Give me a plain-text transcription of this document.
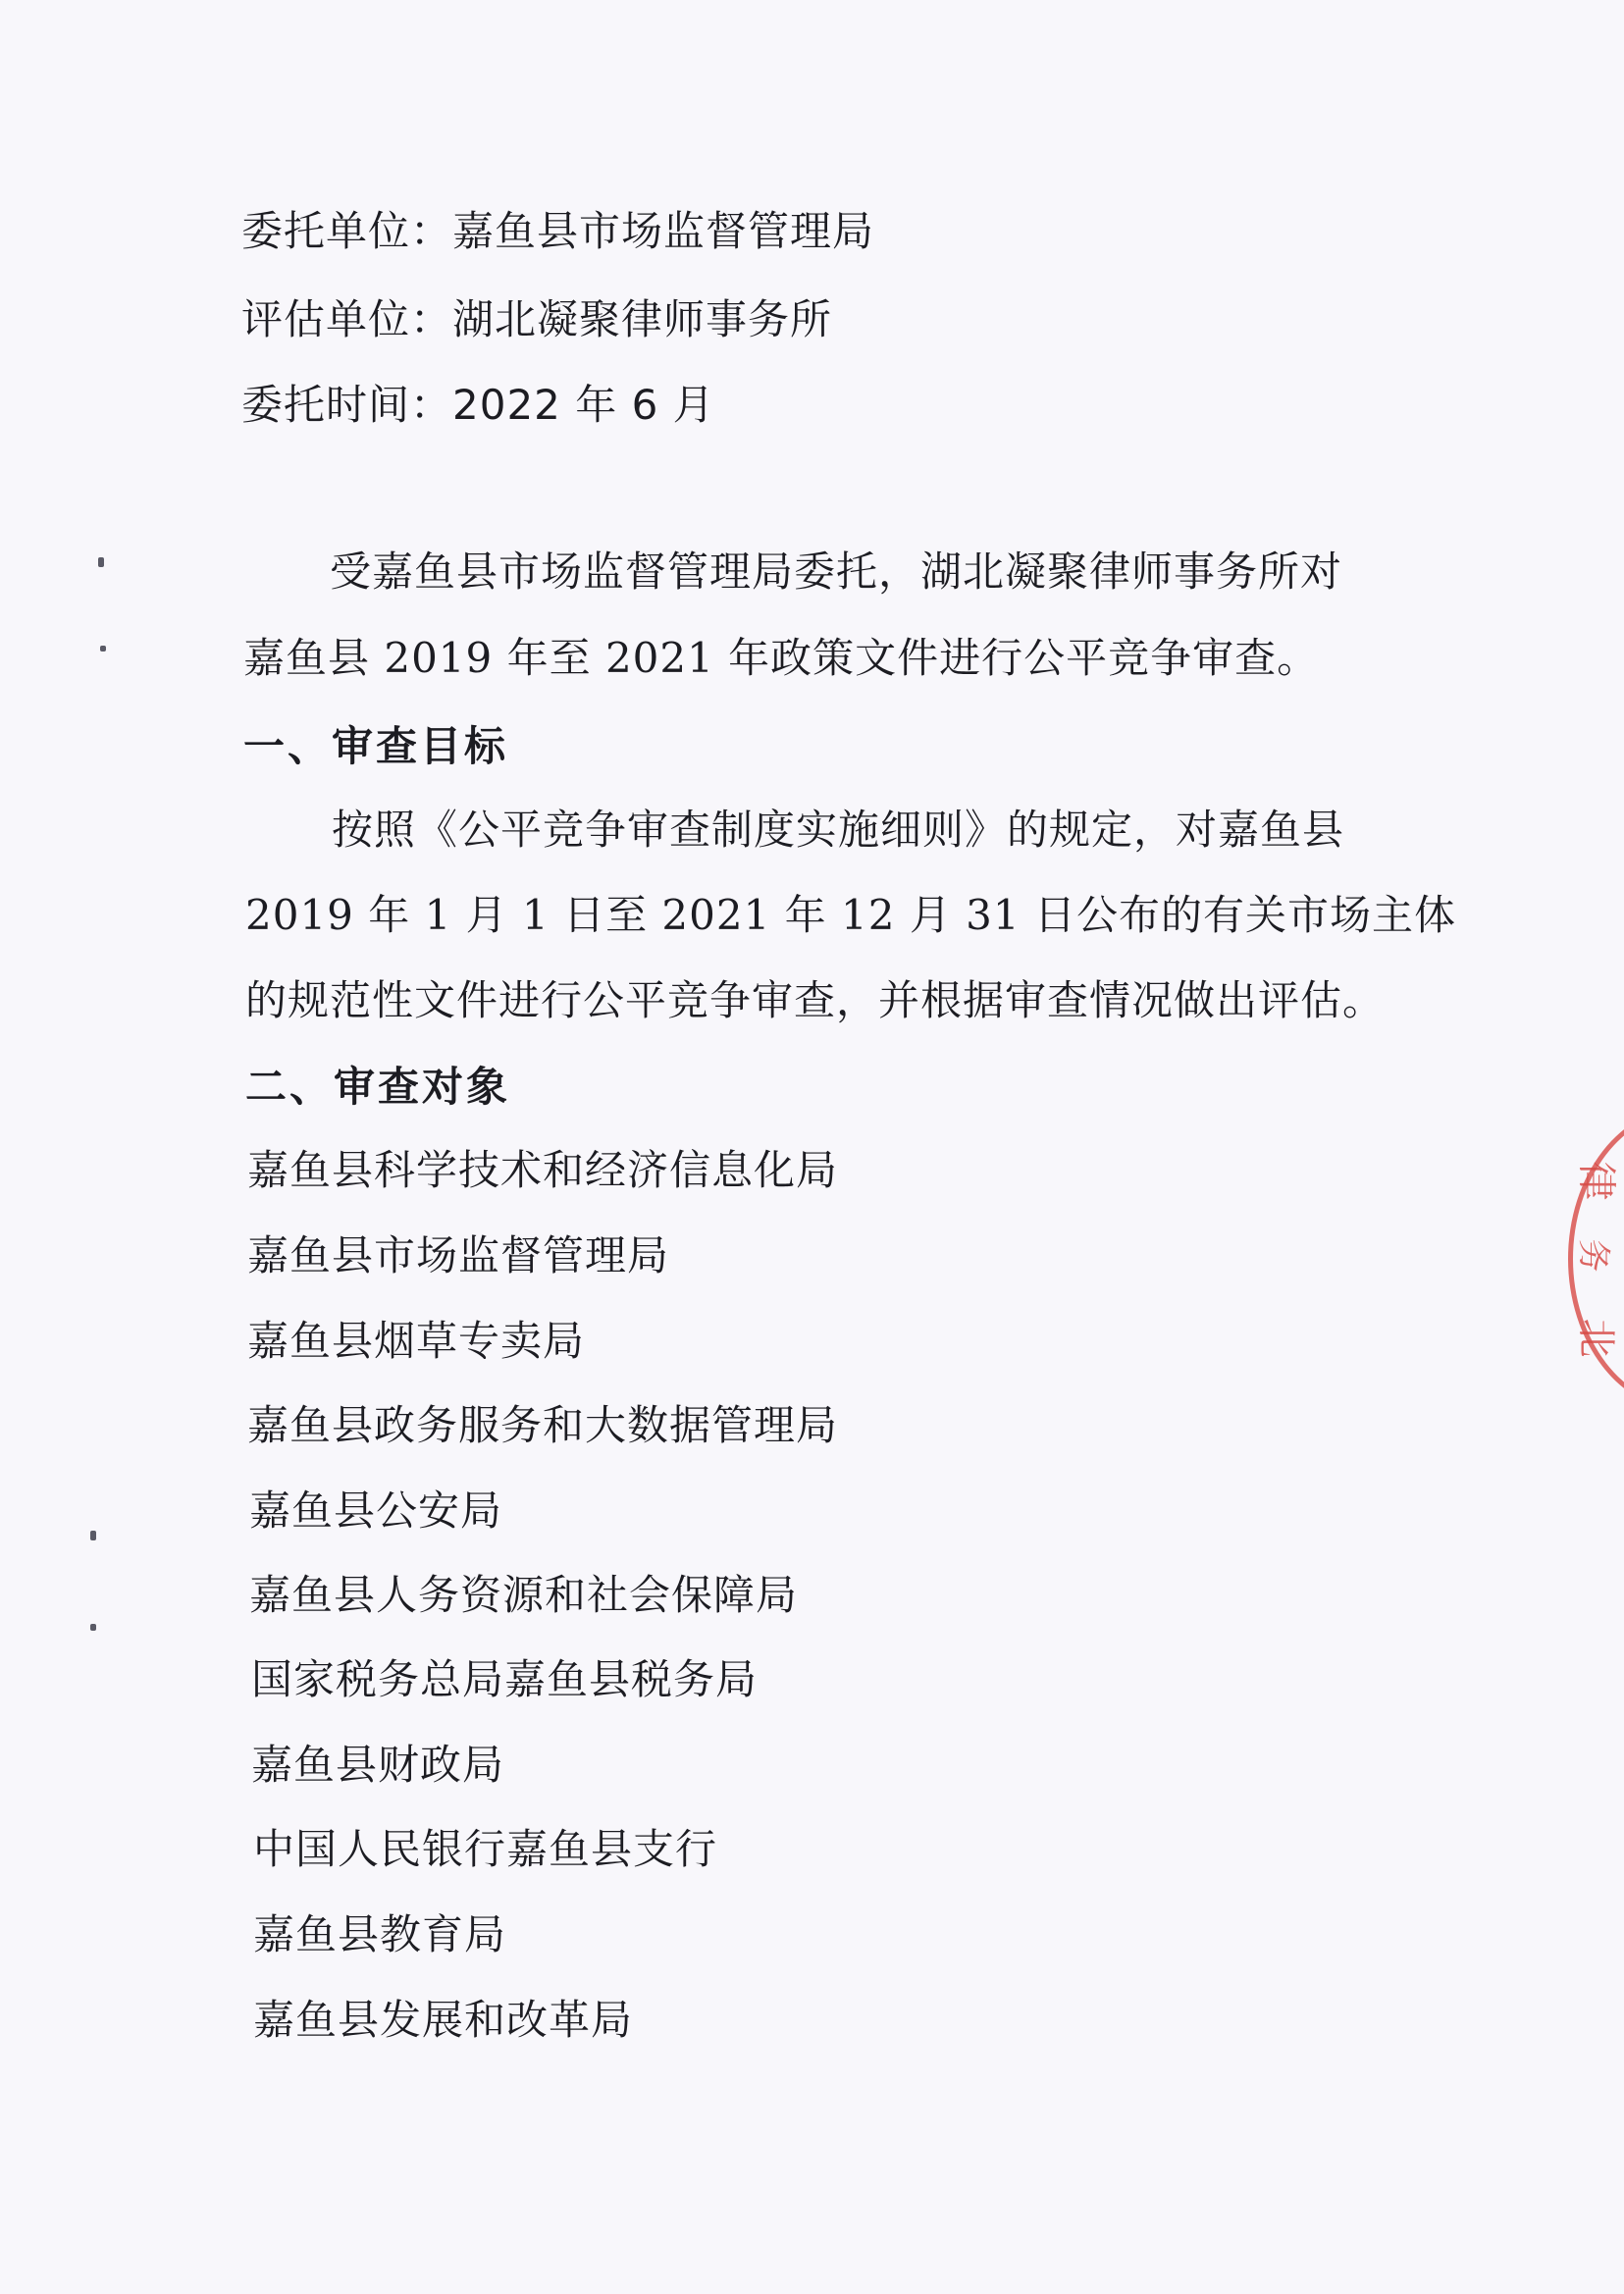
委托单位：嘉鱼县市场监督管理局
评估单位：湖北凝聚律师事务所
委托时间：2022 年 6 月
受嘉鱼县市场监督管理局委托，湖北凝聚律师事务所对
嘉鱼县 2019 年至 2021 年政策文件进行公平竞争审查。
一、审查目标
按照《公平竞争审查制度实施细则》的规定，对嘉鱼县
2019 年 1 月 1 日至 2021 年 12 月 31 日公布的有关市场主体
的规范性文件进行公平竞争审查，并根据审查情况做出评估。
二、审查对象
嘉鱼县科学技术和经济信息化局
嘉鱼县市场监督管理局
嘉鱼县烟草专卖局
嘉鱼县政务服务和大数据管理局
嘉鱼县公安局
嘉鱼县人务资源和社会保障局
国家税务总局嘉鱼县税务局
嘉鱼县财政局
中国人民银行嘉鱼县支行
嘉鱼县教育局
嘉鱼县发展和改革局
律
务
北
